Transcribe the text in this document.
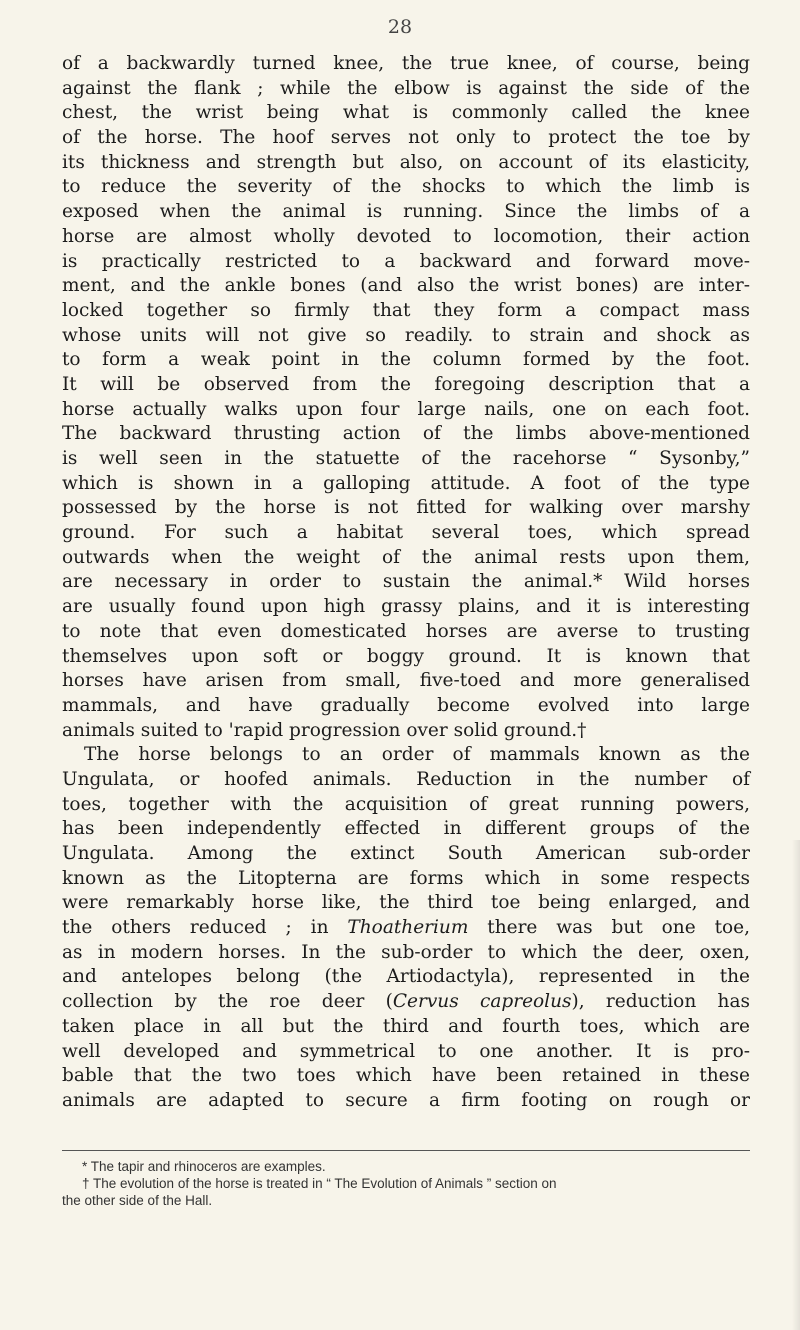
28
of a backwardly turned knee, the true knee, of course, being
against the flank ; while the elbow is against the side of the
chest, the wrist being what is commonly called the knee
of the horse. The hoof serves not only to protect the toe by
its thickness and strength but also, on account of its elasticity,
to reduce the severity of the shocks to which the limb is
exposed when the animal is running. Since the limbs of a
horse are almost wholly devoted to locomotion, their action
is practically restricted to a backward and forward move-
ment, and the ankle bones (and also the wrist bones) are inter-
locked together so firmly that they form a compact mass
whose units will not give so readily. to strain and shock as
to form a weak point in the column formed by the foot.
It will be observed from the foregoing description that a
horse actually walks upon four large nails, one on each foot.
The backward thrusting action of the limbs above-mentioned
is well seen in the statuette of the racehorse “ Sysonby,”
which is shown in a galloping attitude. A foot of the type
possessed by the horse is not fitted for walking over marshy
ground. For such a habitat several toes, which spread
outwards when the weight of the animal rests upon them,
are necessary in order to sustain the animal.* Wild horses
are usually found upon high grassy plains, and it is interesting
to note that even domesticated horses are averse to trusting
themselves upon soft or boggy ground. It is known that
horses have arisen from small, five-toed and more generalised
mammals, and have gradually become evolved into large
animals suited to 'rapid progression over solid ground.†
The horse belongs to an order of mammals known as the
Ungulata, or hoofed animals. Reduction in the number of
toes, together with the acquisition of great running powers,
has been independently effected in different groups of the
Ungulata. Among the extinct South American sub-order
known as the Litopterna are forms which in some respects
were remarkably horse like, the third toe being enlarged, and
the others reduced ; in Thoatherium there was but one toe,
as in modern horses. In the sub-order to which the deer, oxen,
and antelopes belong (the Artiodactyla), represented in the
collection by the roe deer (Cervus capreolus), reduction has
taken place in all but the third and fourth toes, which are
well developed and symmetrical to one another. It is pro-
bable that the two toes which have been retained in these
animals are adapted to secure a firm footing on rough or
* The tapir and rhinoceros are examples.
† The evolution of the horse is treated in “ The Evolution of Animals ” section on
the other side of the Hall.
